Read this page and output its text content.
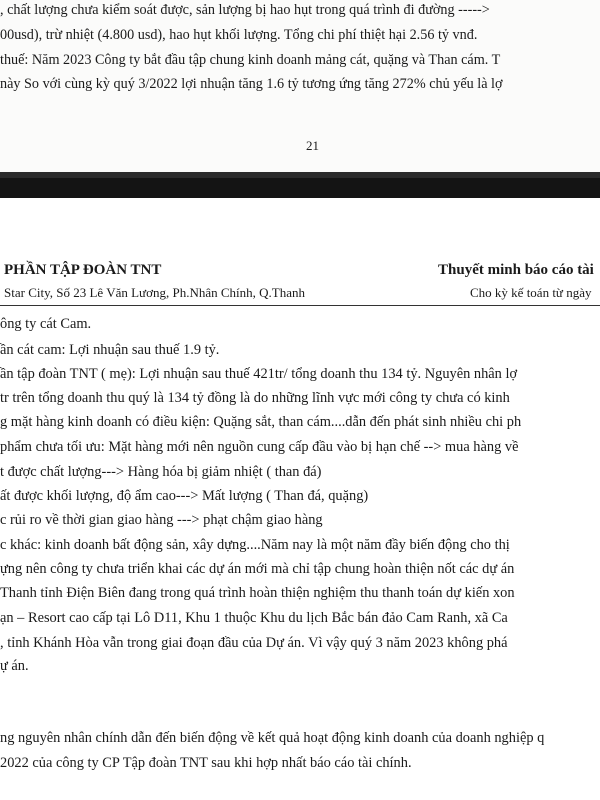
, chất lượng chưa kiểm soát được, sản lượng bị hao hụt trong quá trình đi đường ----->
00usd), trừ nhiệt (4.800 usd), hao hụt khối lượng. Tổng chi phí thiệt hại 2.56 tỷ vnđ.
thuế: Năm 2023 Công ty bắt đầu tập chung kinh doanh mảng cát, quặng và Than cám. T
này So với cùng kỳ quý 3/2022 lợi nhuận tăng 1.6 tỷ tương ứng tăng 272% chủ yếu là lợ
21
PHẦN TẬP ĐOÀN TNT
Star City, Số 23 Lê Văn Lương, Ph.Nhân Chính, Q.Thanh
Thuyết minh báo cáo tài
Cho kỳ kế toán từ ngày
ông ty cát Cam.
ần cát cam: Lợi nhuận sau thuế 1.9 tỷ.
ần tập đoàn TNT ( mẹ): Lợi nhuận sau thuế 421tr/ tổng doanh thu 134 tỷ. Nguyên nhân lợ
tr trên tổng doanh thu quý là 134 tỷ đồng là do những lĩnh vực mới công ty chưa có kinh
g mặt hàng kinh doanh có điều kiện: Quặng sắt, than cám....dẫn đến phát sinh nhiều chi ph
phẩm chưa tối ưu: Mặt hàng mới nên nguồn cung cấp đầu vào bị hạn chế --> mua hàng về
t được chất lượng---> Hàng hóa bị giảm nhiệt ( than đá)
ất được khối lượng, độ ẩm cao---> Mất lượng ( Than đá, quặng)
c rủi ro về thời gian giao hàng ---> phạt chậm giao hàng
c khác: kinh doanh bất động sản, xây dựng....Năm nay là một năm đầy biến động cho thị
ựng nên công ty chưa triển khai các dự án mới mà chỉ tập chung hoàn thiện nốt các dự án
Thanh tỉnh Điện Biên đang trong quá trình hoàn thiện nghiệm thu thanh toán dự kiến xon
ạn – Resort cao cấp tại Lô D11, Khu 1 thuộc Khu du lịch Bắc bán đảo Cam Ranh, xã Ca
, tỉnh Khánh Hòa vẫn trong giai đoạn đầu của Dự án. Vì vậy quý 3 năm 2023 không phá
ự án.
ng nguyên nhân chính dẫn đến biến động về kết quả hoạt động kinh doanh của doanh nghiệp q
2022 của công ty CP Tập đoàn TNT sau khi hợp nhất báo cáo tài chính.
